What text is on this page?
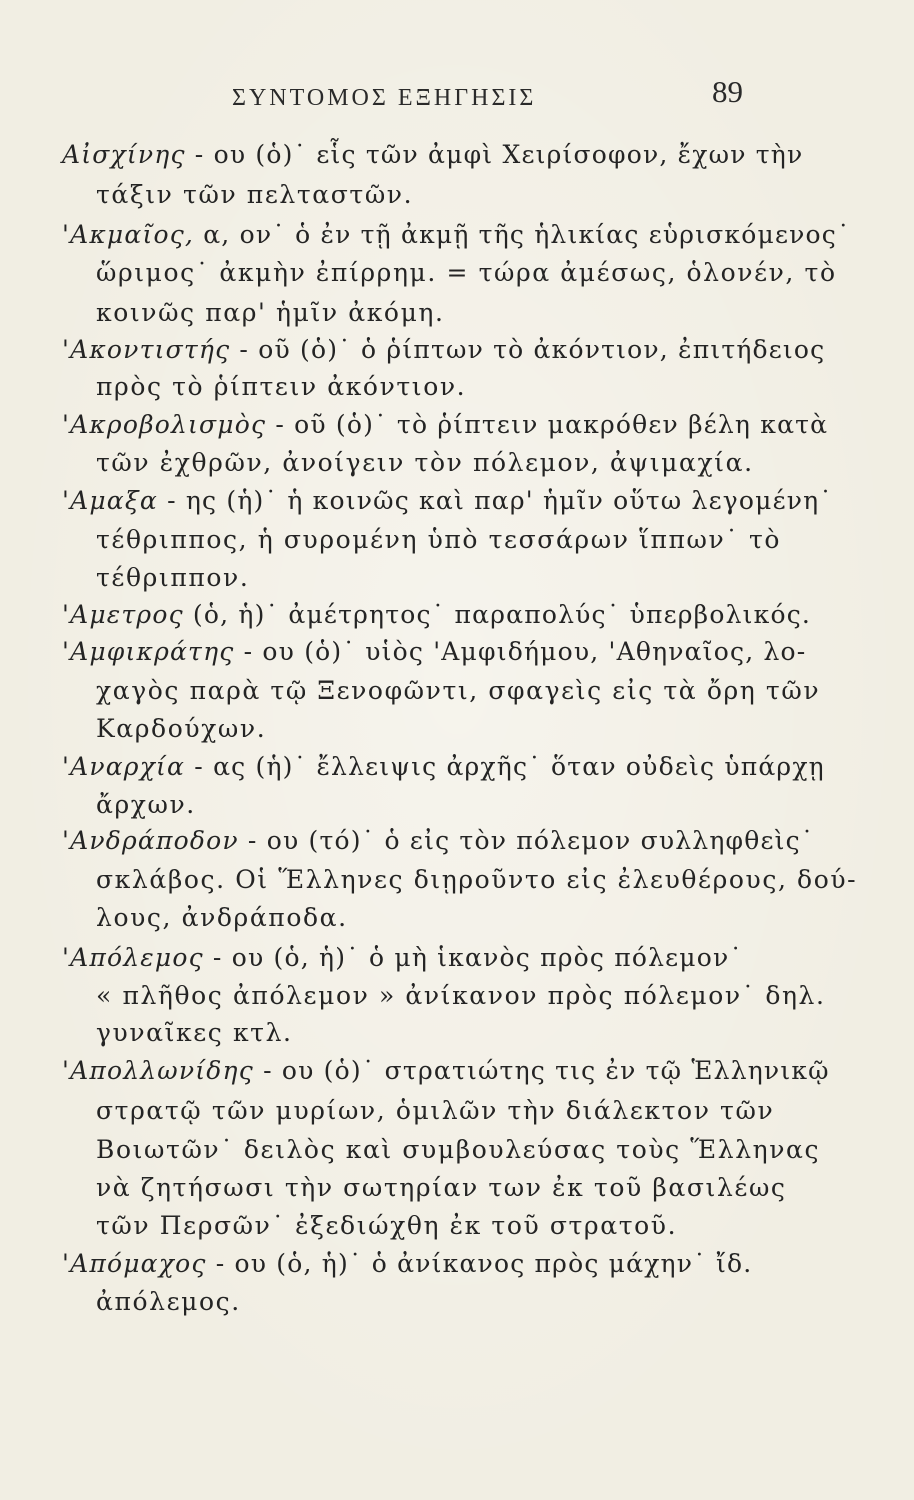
ΣΥΝΤΟΜΟΣ ΕΞΗΓΗΣΙΣ	89
Αἰσχίνης - ου (ὁ)˙ εἷς τῶν ἀμφὶ Χειρίσοφον, ἔχων τὴν
τάξιν τῶν πελταστῶν.
'Ακμαῖος, α, ον˙ ὁ ἐν τῇ ἀκμῇ τῆς ἡλικίας εὑρισκόμενος˙
ὥριμος˙ ἀκμὴν ἐπίρρημ. = τώρα ἀμέσως, ὁλονέν, τὸ
κοινῶς παρ' ἡμῖν ἀκόμη.
'Ακοντιστής - οῦ (ὁ)˙ ὁ ῥίπτων τὸ ἀκόντιον, ἐπιτήδειος
πρὸς τὸ ῥίπτειν ἀκόντιον.
'Ακροβολισμὸς - οῦ (ὁ)˙ τὸ ῥίπτειν μακρόθεν βέλη κατὰ
τῶν ἐχθρῶν, ἀνοίγειν τὸν πόλεμον, ἀψιμαχία.
'Αμαξα - ης (ἡ)˙ ἡ κοινῶς καὶ παρ' ἡμῖν οὕτω λεγομένη˙
τέθριππος, ἡ συρομένη ὑπὸ τεσσάρων ἵππων˙ τὸ
τέθριππον.
'Αμετρος (ὁ, ἡ)˙ ἀμέτρητος˙ παραπολύς˙ ὑπερβολικός.
'Αμφικράτης - ου (ὁ)˙ υἱὸς 'Αμφιδήμου, 'Αθηναῖος, λο-
χαγὸς παρὰ τῷ Ξενοφῶντι, σφαγεὶς εἰς τὰ ὄρη τῶν
Καρδούχων.
'Αναρχία - ας (ἡ)˙ ἔλλειψις ἀρχῆς˙ ὅταν οὐδεὶς ὑπάρχῃ
ἄρχων.
'Ανδράποδον - ου (τό)˙ ὁ εἰς τὸν πόλεμον συλληφθεὶς˙
σκλάβος. Οἱ Ἕλληνες διῃροῦντο εἰς ἐλευθέρους, δού-
λους, ἀνδράποδα.
'Απόλεμος - ου (ὁ, ἡ)˙ ὁ μὴ ἱκανὸς πρὸς πόλεμον˙
« πλῆθος ἀπόλεμον » ἀνίκανον πρὸς πόλεμον˙ δηλ.
γυναῖκες κτλ.
'Απολλωνίδης - ου (ὁ)˙ στρατιώτης τις ἐν τῷ Ἑλληνικῷ
στρατῷ τῶν μυρίων, ὁμιλῶν τὴν διάλεκτον τῶν
Βοιωτῶν˙ δειλὸς καὶ συμβουλεύσας τοὺς Ἕλληνας
νὰ ζητήσωσι τὴν σωτηρίαν των ἐκ τοῦ βασιλέως
τῶν Περσῶν˙ ἐξεδιώχθη ἐκ τοῦ στρατοῦ.
'Απόμαχος - ου (ὁ, ἡ)˙ ὁ ἀνίκανος πρὸς μάχην˙ ἴδ.
ἀπόλεμος.
